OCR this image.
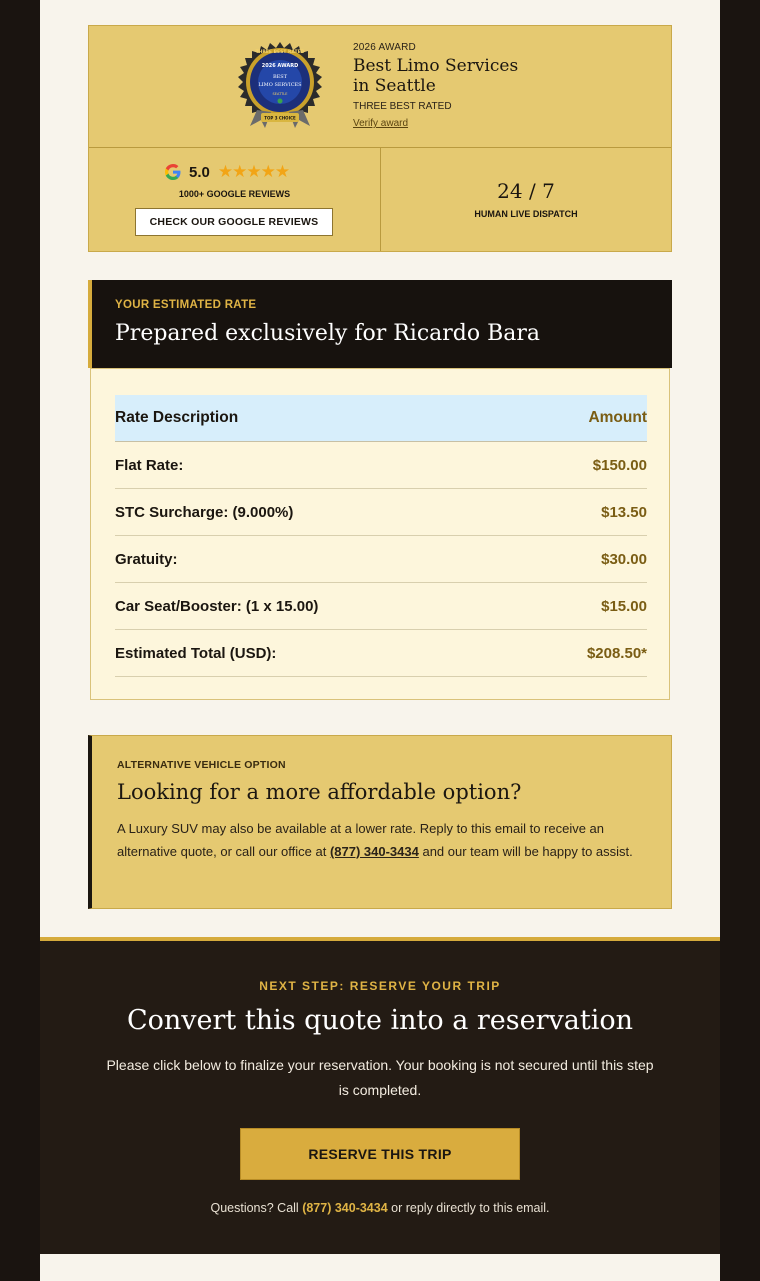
THREE BEST RATED
2026 AWARD
BEST
LIMO SERVICES
SEATTLE
TOP 3 CHOICE
2026 AWARD
Best Limo Services in Seattle
THREE BEST RATED
Verify award
5.0 ★★★★★
1000+ GOOGLE REVIEWS
CHECK OUR GOOGLE REVIEWS
24 / 7
HUMAN LIVE DISPATCH
YOUR ESTIMATED RATE
Prepared exclusively for Ricardo Bara
Rate Description	Amount
Flat Rate:	$150.00
STC Surcharge: (9.000%)	$13.50
Gratuity:	$30.00
Car Seat/Booster: (1 x 15.00)	$15.00
Estimated Total (USD):	$208.50*
ALTERNATIVE VEHICLE OPTION
Looking for a more affordable option?
A Luxury SUV may also be available at a lower rate. Reply to this email to receive an alternative quote, or call our office at (877) 340-3434 and our team will be happy to assist.
NEXT STEP: RESERVE YOUR TRIP
Convert this quote into a reservation
Please click below to finalize your reservation. Your booking is not secured until this step is completed.
RESERVE THIS TRIP
Questions? Call (877) 340-3434 or reply directly to this email.
